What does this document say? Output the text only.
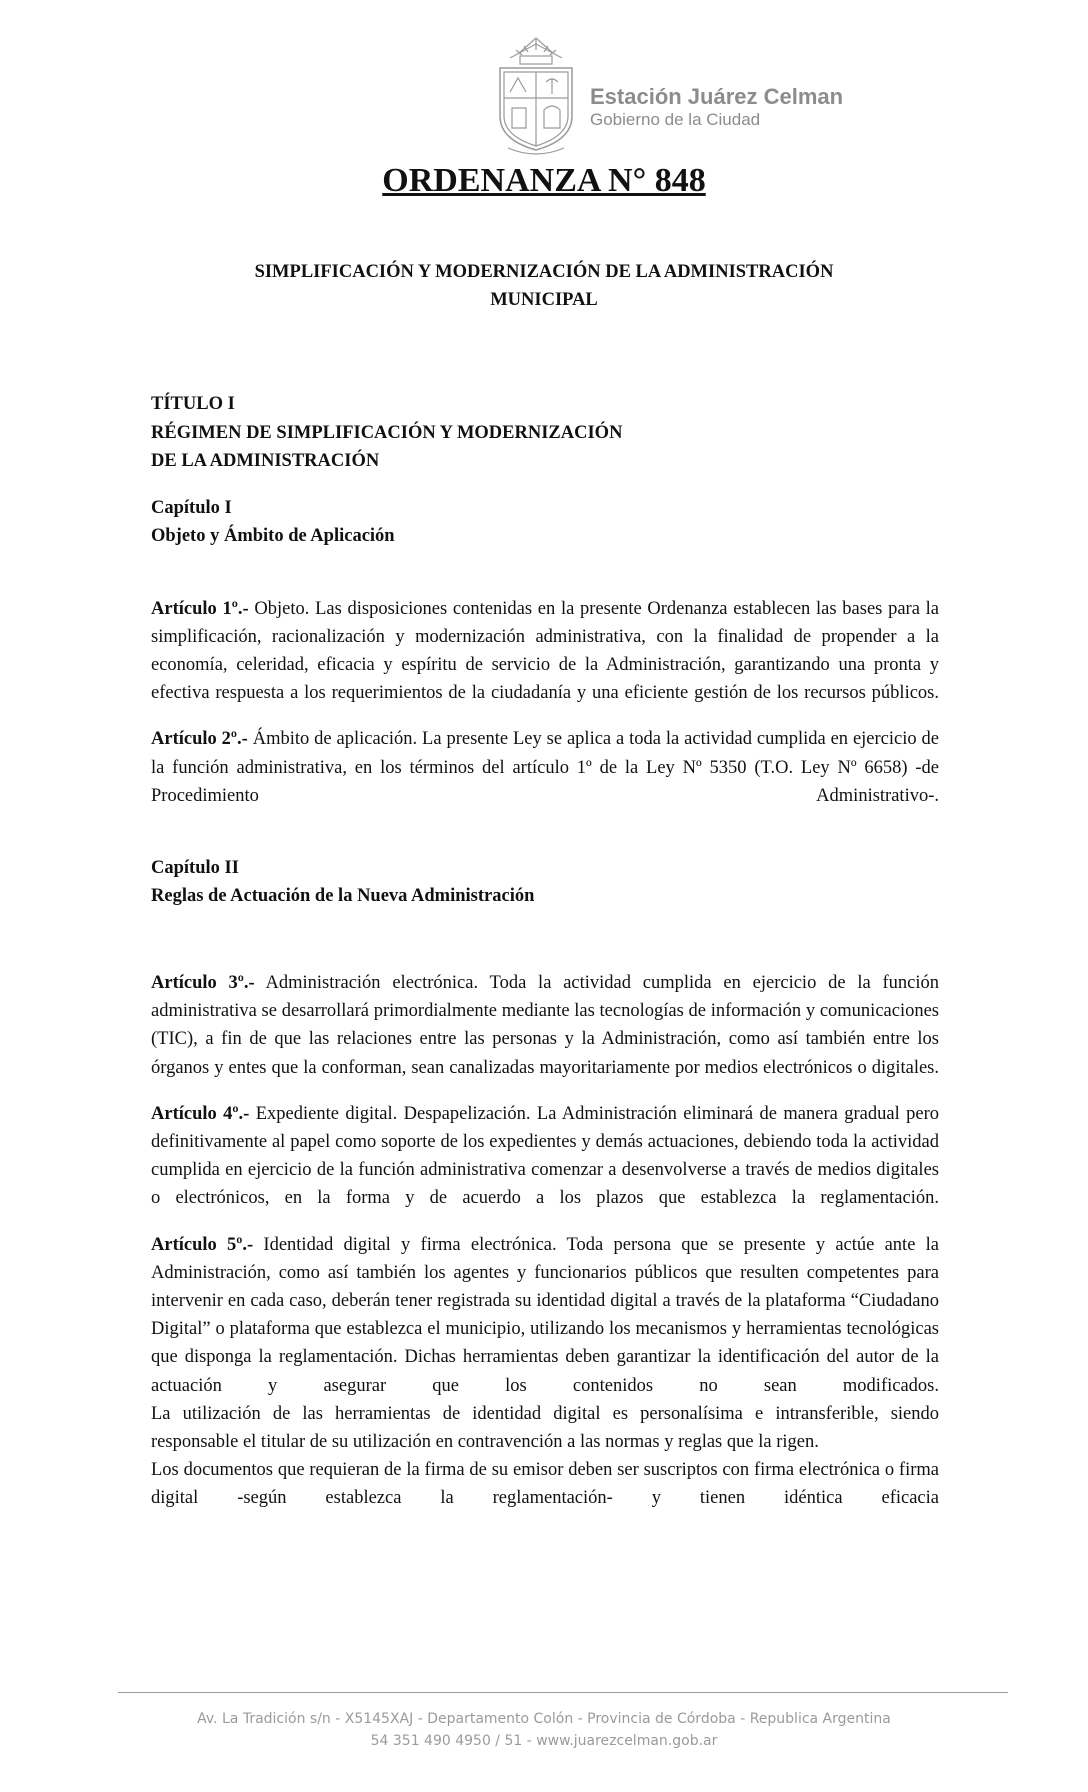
Estación Juárez Celman
Gobierno de la Ciudad
ORDENANZA N° 848
SIMPLIFICACIÓN Y MODERNIZACIÓN DE LA ADMINISTRACIÓN
MUNICIPAL
TÍTULO I
RÉGIMEN DE SIMPLIFICACIÓN Y MODERNIZACIÓN
DE LA ADMINISTRACIÓN
Capítulo I
Objeto y Ámbito de Aplicación

Artículo 1º.- Objeto. Las disposiciones contenidas en la presente Ordenanza establecen las bases para la simplificación, racionalización y modernización administrativa, con la finalidad de propender a la economía, celeridad, eficacia y espíritu de servicio de la Administración, garantizando una pronta y efectiva respuesta a los requerimientos de la ciudadanía y una eficiente gestión de los recursos públicos.

Artículo 2º.- Ámbito de aplicación. La presente Ley se aplica a toda la actividad cumplida en ejercicio de la función administrativa, en los términos del artículo 1º de la Ley Nº 5350 (T.O. Ley Nº 6658) -de Procedimiento Administrativo-.

Capítulo II
Reglas de Actuación de la Nueva Administración

Artículo 3º.- Administración electrónica. Toda la actividad cumplida en ejercicio de la función administrativa se desarrollará primordialmente mediante las tecnologías de información y comunicaciones (TIC), a fin de que las relaciones entre las personas y la Administración, como así también entre los órganos y entes que la conforman, sean canalizadas mayoritariamente por medios electrónicos o digitales.

Artículo 4º.- Expediente digital. Despapelización. La Administración eliminará de manera gradual pero definitivamente al papel como soporte de los expedientes y demás actuaciones, debiendo toda la actividad cumplida en ejercicio de la función administrativa comenzar a desenvolverse a través de medios digitales o electrónicos, en la forma y de acuerdo a los plazos que establezca la reglamentación.

Artículo 5º.- Identidad digital y firma electrónica. Toda persona que se presente y actúe ante la Administración, como así también los agentes y funcionarios públicos que resulten competentes para intervenir en cada caso, deberán tener registrada su identidad digital a través de la plataforma “Ciudadano Digital” o plataforma que establezca el municipio, utilizando los mecanismos y herramientas tecnológicas que disponga la reglamentación. Dichas herramientas deben garantizar la identificación del autor de la actuación y asegurar que los contenidos no sean modificados.

La utilización de las herramientas de identidad digital es personalísima e intransferible, siendo responsable el titular de su utilización en contravención a las normas y reglas que la rigen.

Los documentos que requieran de la firma de su emisor deben ser suscriptos con firma electrónica o firma digital -según establezca la reglamentación- y tienen idéntica eficacia

Av. La Tradición s/n - X5145XAJ - Departamento Colón - Provincia de Córdoba - Republica Argentina
54 351 490 4950 / 51 - www.juarezcelman.gob.ar
